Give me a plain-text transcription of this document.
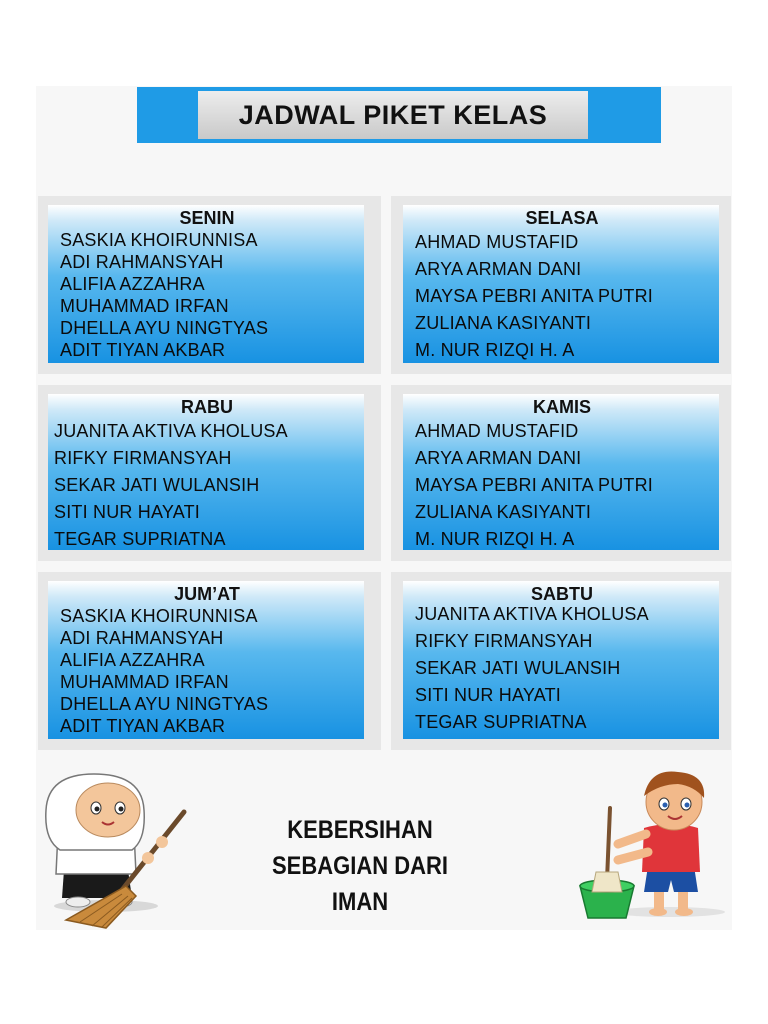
JADWAL PIKET KELAS
SENIN
SASKIA KHOIRUNNISA
ADI RAHMANSYAH
ALIFIA AZZAHRA
MUHAMMAD IRFAN
DHELLA AYU NINGTYAS
ADIT TIYAN AKBAR
SELASA
AHMAD MUSTAFID
ARYA ARMAN DANI
MAYSA PEBRI ANITA PUTRI
ZULIANA KASIYANTI
M. NUR RIZQI H. A
RABU
JUANITA AKTIVA KHOLUSA
RIFKY FIRMANSYAH
SEKAR JATI WULANSIH
SITI NUR HAYATI
TEGAR SUPRIATNA
KAMIS
AHMAD MUSTAFID
ARYA ARMAN DANI
MAYSA PEBRI ANITA PUTRI
ZULIANA KASIYANTI
M. NUR RIZQI H. A
JUM’AT
SASKIA KHOIRUNNISA
ADI RAHMANSYAH
ALIFIA AZZAHRA
MUHAMMAD IRFAN
DHELLA AYU NINGTYAS
ADIT TIYAN AKBAR
SABTU
JUANITA AKTIVA KHOLUSA
RIFKY FIRMANSYAH
SEKAR JATI WULANSIH
SITI NUR HAYATI
TEGAR SUPRIATNA
KEBERSIHAN
SEBAGIAN DARI IMAN
